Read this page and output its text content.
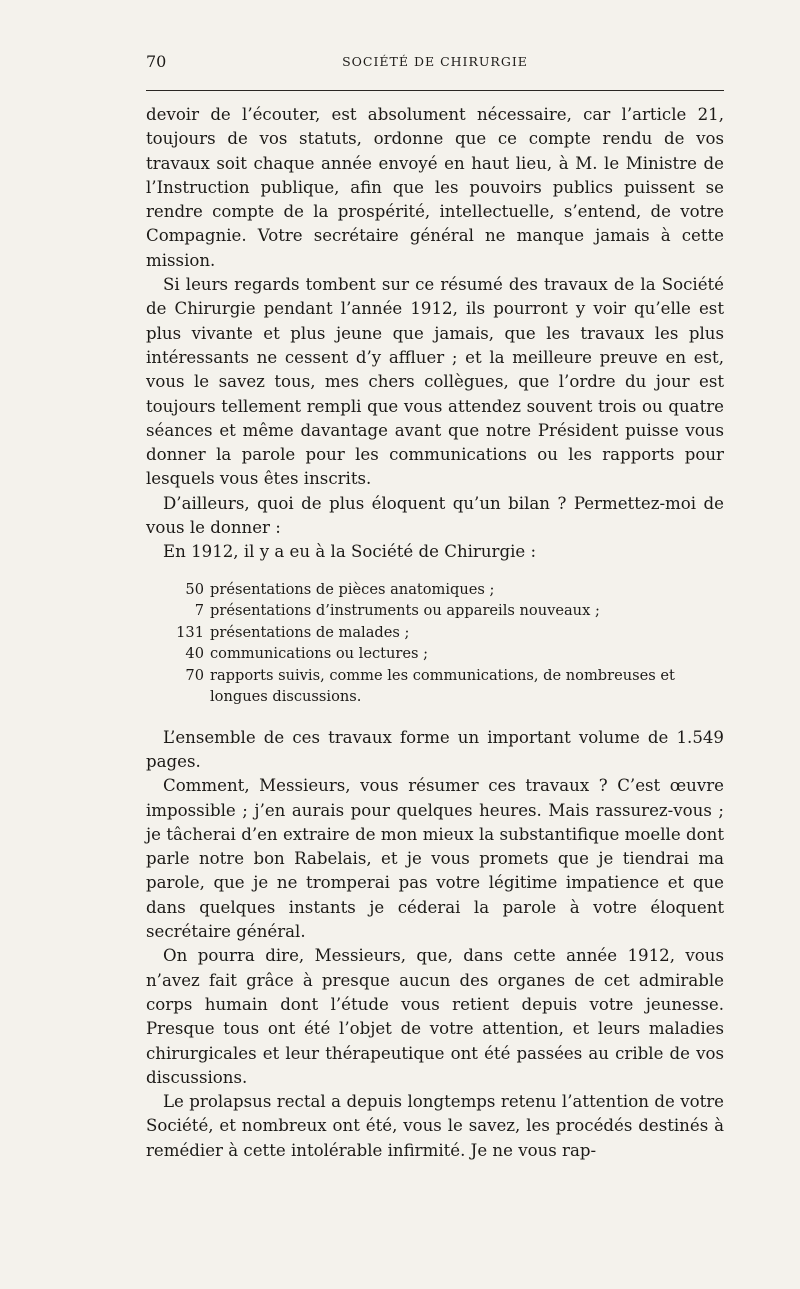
70	SOCIÉTÉ DE CHIRURGIE

devoir de l’écouter, est absolument nécessaire, car l’article 21, toujours de vos statuts, ordonne que ce compte rendu de vos travaux soit chaque année envoyé en haut lieu, à M. le Ministre de l’Instruction publique, afin que les pouvoirs publics puissent se rendre compte de la prospérité, intellectuelle, s’entend, de votre Compagnie. Votre secrétaire général ne manque jamais à cette mission.

Si leurs regards tombent sur ce résumé des travaux de la Société de Chirurgie pendant l’année 1912, ils pourront y voir qu’elle est plus vivante et plus jeune que jamais, que les travaux les plus intéressants ne cessent d’y affluer ; et la meilleure preuve en est, vous le savez tous, mes chers collègues, que l’ordre du jour est toujours tellement rempli que vous attendez souvent trois ou quatre séances et même davantage avant que notre Président puisse vous donner la parole pour les communications ou les rapports pour lesquels vous êtes inscrits.

D’ailleurs, quoi de plus éloquent qu’un bilan ? Permettez-moi de vous le donner :

En 1912, il y a eu à la Société de Chirurgie :

50 présentations de pièces anatomiques ;
7 présentations d’instruments ou appareils nouveaux ;
131 présentations de malades ;
40 communications ou lectures ;
70 rapports suivis, comme les communications, de nombreuses et longues discussions.

L’ensemble de ces travaux forme un important volume de 1.549 pages.

Comment, Messieurs, vous résumer ces travaux ? C’est œuvre impossible ; j’en aurais pour quelques heures. Mais rassurez-vous ; je tâcherai d’en extraire de mon mieux la substantifique moelle dont parle notre bon Rabelais, et je vous promets que je tiendrai ma parole, que je ne tromperai pas votre légitime impatience et que dans quelques instants je céderai la parole à votre éloquent secrétaire général.

On pourra dire, Messieurs, que, dans cette année 1912, vous n’avez fait grâce à presque aucun des organes de cet admirable corps humain dont l’étude vous retient depuis votre jeunesse. Presque tous ont été l’objet de votre attention, et leurs maladies chirurgicales et leur thérapeutique ont été passées au crible de vos discussions.

Le prolapsus rectal a depuis longtemps retenu l’attention de votre Société, et nombreux ont été, vous le savez, les procédés destinés à remédier à cette intolérable infirmité. Je ne vous rap-
